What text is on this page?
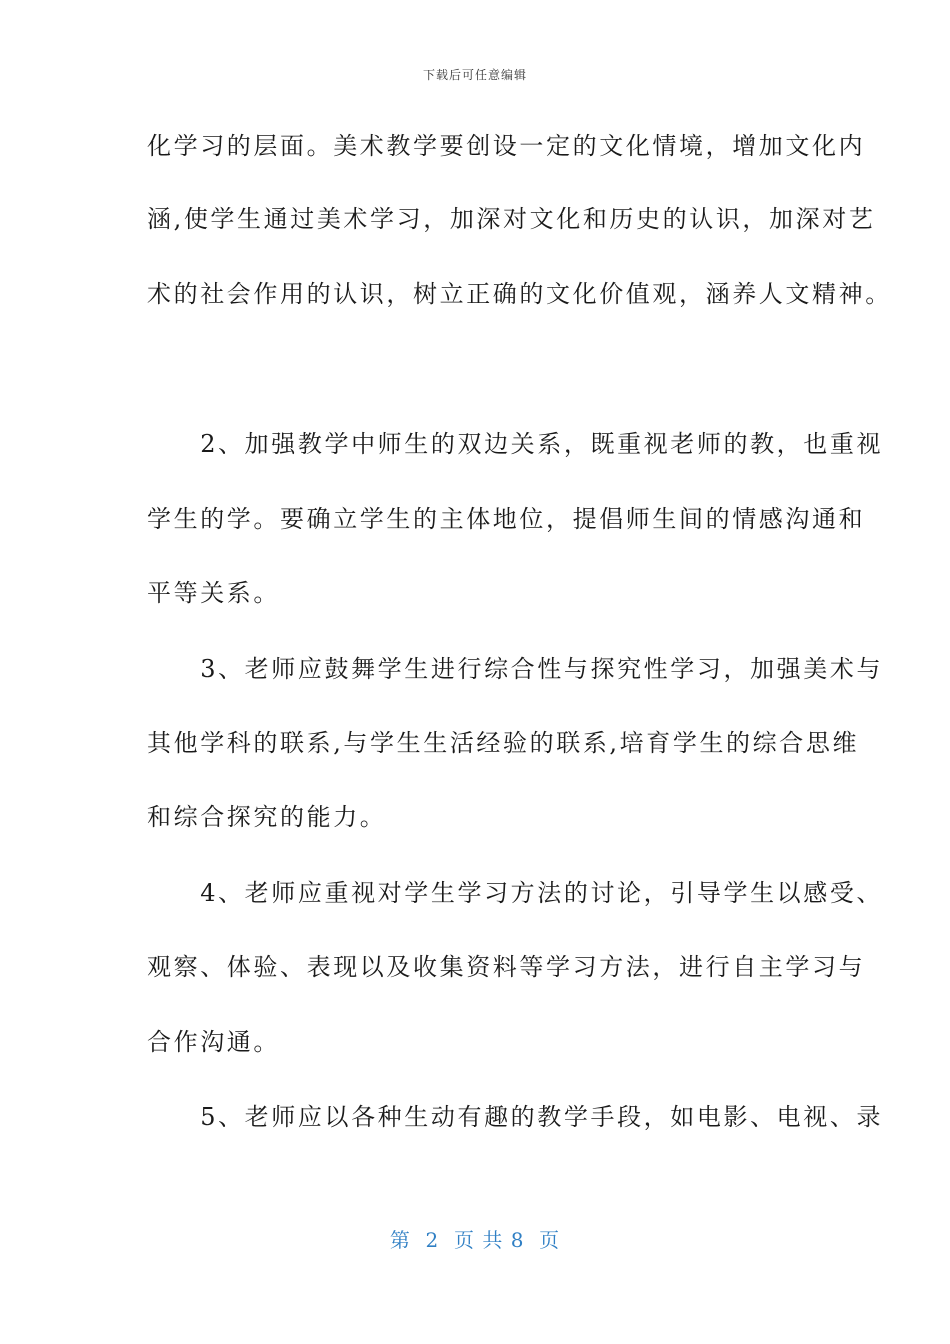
下载后可任意编辑
化学习的层面。美术教学要创设一定的文化情境，增加文化内
涵,使学生通过美术学习，加深对文化和历史的认识，加深对艺
术的社会作用的认识，树立正确的文化价值观，涵养人文精神。
　　2、加强教学中师生的双边关系，既重视老师的教，也重视
学生的学。要确立学生的主体地位，提倡师生间的情感沟通和
平等关系。
　　3、老师应鼓舞学生进行综合性与探究性学习，加强美术与
其他学科的联系,与学生生活经验的联系,培育学生的综合思维
和综合探究的能力。
　　4、老师应重视对学生学习方法的讨论，引导学生以感受、
观察、体验、表现以及收集资料等学习方法，进行自主学习与
合作沟通。
　　5、老师应以各种生动有趣的教学手段，如电影、电视、录
第  2  页 共 8  页
